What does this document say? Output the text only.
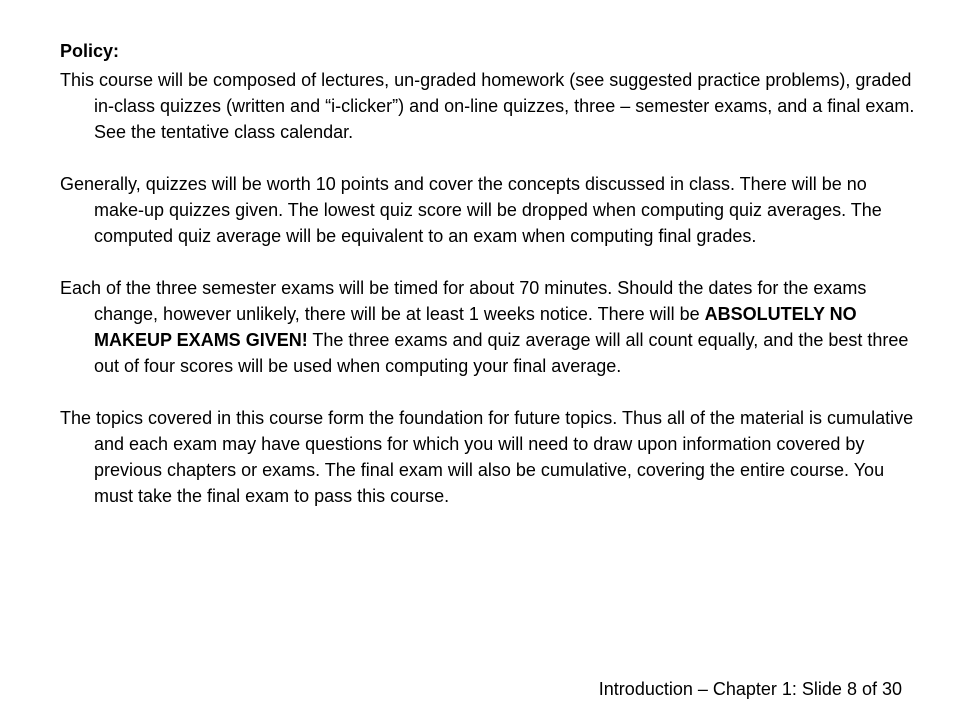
Policy:

This course will be composed of lectures, un-graded homework (see suggested practice problems), graded in-class quizzes (written and “i-clicker”) and on-line quizzes, three – semester exams, and a final exam. See the tentative class calendar.

Generally, quizzes will be worth 10 points and cover the concepts discussed in class. There will be no make-up quizzes given. The lowest quiz score will be dropped when computing quiz averages. The computed quiz average will be equivalent to an exam when computing final grades.

Each of the three semester exams will be timed for about 70 minutes. Should the dates for the exams change, however unlikely, there will be at least 1 weeks notice. There will be ABSOLUTELY NO MAKEUP EXAMS GIVEN! The three exams and quiz average will all count equally, and the best three out of four scores will be used when computing your final average.

The topics covered in this course form the foundation for future topics. Thus all of the material is cumulative and each exam may have questions for which you will need to draw upon information covered by previous chapters or exams. The final exam will also be cumulative, covering the entire course. You must take the final exam to pass this course.

Introduction – Chapter 1: Slide 8 of 30
